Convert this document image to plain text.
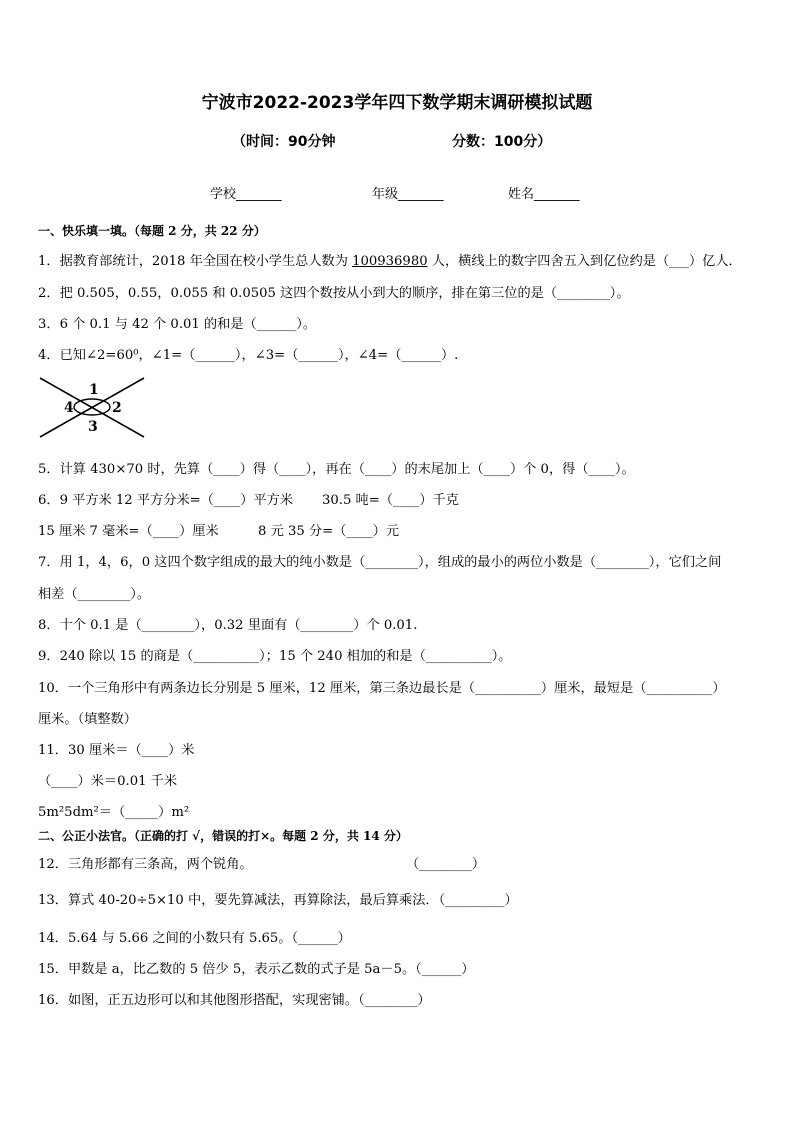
宁波市2022-2023学年四下数学期末调研模拟试题
（时间：90分钟	分数：100分）
学校_______	年级_______	姓名_______
一、快乐填一填。（每题 2 分，共 22 分）
1．据教育部统计，2018 年全国在校小学生总人数为 100936980 人，横线上的数字四舍五入到亿位约是（___）亿人．
2．把 0.505，0.55，0.055 和 0.0505 这四个数按从小到大的顺序，排在第三位的是（________）。
3．6 个 0.1 与 42 个 0.01 的和是（______）。
4．已知∠2=60⁰，∠1=（______），∠3=（______），∠4=（______）.
1
2
3
4
5．计算 430×70 时，先算（____）得（____），再在（____）的末尾加上（____）个 0，得（____）。
6．9 平方米 12 平方分米=（____）平方米 30.5 吨=（____）千克
15 厘米 7 毫米=（____）厘米	8 元 35 分=（____）元
7．用 1，4，6，0 这四个数字组成的最大的纯小数是（________），组成的最小的两位小数是（________），它们之间
相差（________）。
8．十个 0.1 是（________），0.32 里面有（________）个 0.01.
9．240 除以 15 的商是（__________）；15 个 240 相加的和是（__________）。
10．一个三角形中有两条边长分别是 5 厘米，12 厘米，第三条边最长是（__________）厘米，最短是（__________）
厘米。（填整数）
11．30 厘米＝（____）米
（____）米＝0.01 千米
5m²5dm²＝（_____）m²
二、公正小法官。（正确的打 √，错误的打×。每题 2 分，共 14 分）
12．三角形都有三条高，两个锐角。	（________）
13．算式 40-20÷5×10 中，要先算减法，再算除法，最后算乘法．（_________）
14．5.64 与 5.66 之间的小数只有 5.65。（______）
15．甲数是 a，比乙数的 5 倍少 5，表示乙数的式子是 5a－5。（______）
16．如图，正五边形可以和其他图形搭配，实现密铺。（________）
